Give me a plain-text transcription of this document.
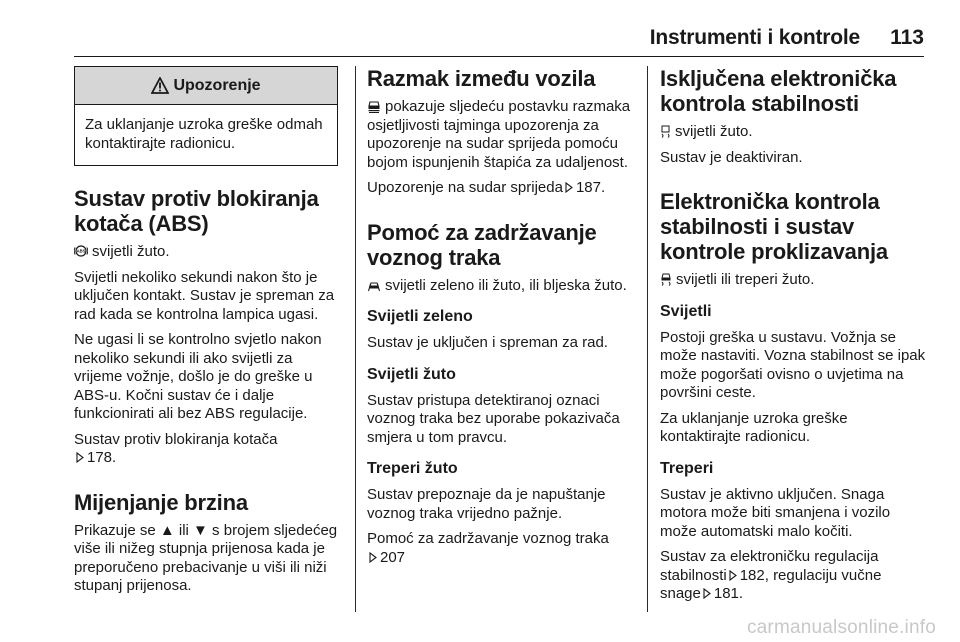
Instrumenti i kontrole 113
Upozorenje
Za uklanjanje uzroka greške odmah kontaktirajte radionicu.
Sustav protiv blokiranja kotača (ABS)

ABS svijetli žuto.

Svijetli nekoliko sekundi nakon što je uključen kontakt. Sustav je spreman za rad kada se kontrolna lampica ugasi.

Ne ugasi li se kontrolno svjetlo nakon nekoliko sekundi ili ako svijetli za vrijeme vožnje, došlo je do greške u ABS-u. Kočni sustav će i dalje funkcionirati ali bez ABS regulacije.

Sustav protiv blokiranja kotača
178.

Mijenjanje brzina

Prikazuje se ▲ ili ▼ s brojem sljedećeg više ili nižeg stupnja prijenosa kada je preporučeno prebacivanje u viši ili niži stupanj prijenosa.

Razmak između vozila

pokazuje sljedeću postavku razmaka osjetljivosti tajminga upozorenja za upozorenje na sudar sprijeda pomoću bojom ispunjenih štapića za udaljenost.

Upozorenje na sudar sprijeda 187.

Pomoć za zadržavanje voznog traka

svijetli zeleno ili žuto, ili bljeska žuto.

Svijetli zeleno

Sustav je uključen i spreman za rad.

Svijetli žuto

Sustav pristupa detektiranoj oznaci voznog traka bez uporabe pokazivača smjera u tom pravcu.

Treperi žuto

Sustav prepoznaje da je napuštanje voznog traka vrijedno pažnje.

Pomoć za zadržavanje voznog traka
207

Isključena elektronička kontrola stabilnosti

svijetli žuto.

Sustav je deaktiviran.

Elektronička kontrola stabilnosti i sustav kontrole proklizavanja

svijetli ili treperi žuto.

Svijetli

Postoji greška u sustavu. Vožnja se može nastaviti. Vozna stabilnost se ipak može pogoršati ovisno o uvjetima na površini ceste.

Za uklanjanje uzroka greške kontaktirajte radionicu.

Treperi

Sustav je aktivno uključen. Snaga motora može biti smanjena i vozilo može automatski malo kočiti.

Sustav za elektroničku regulacija stabilnosti 182, regulaciju vučne snage 181.

carmanualsonline.info
